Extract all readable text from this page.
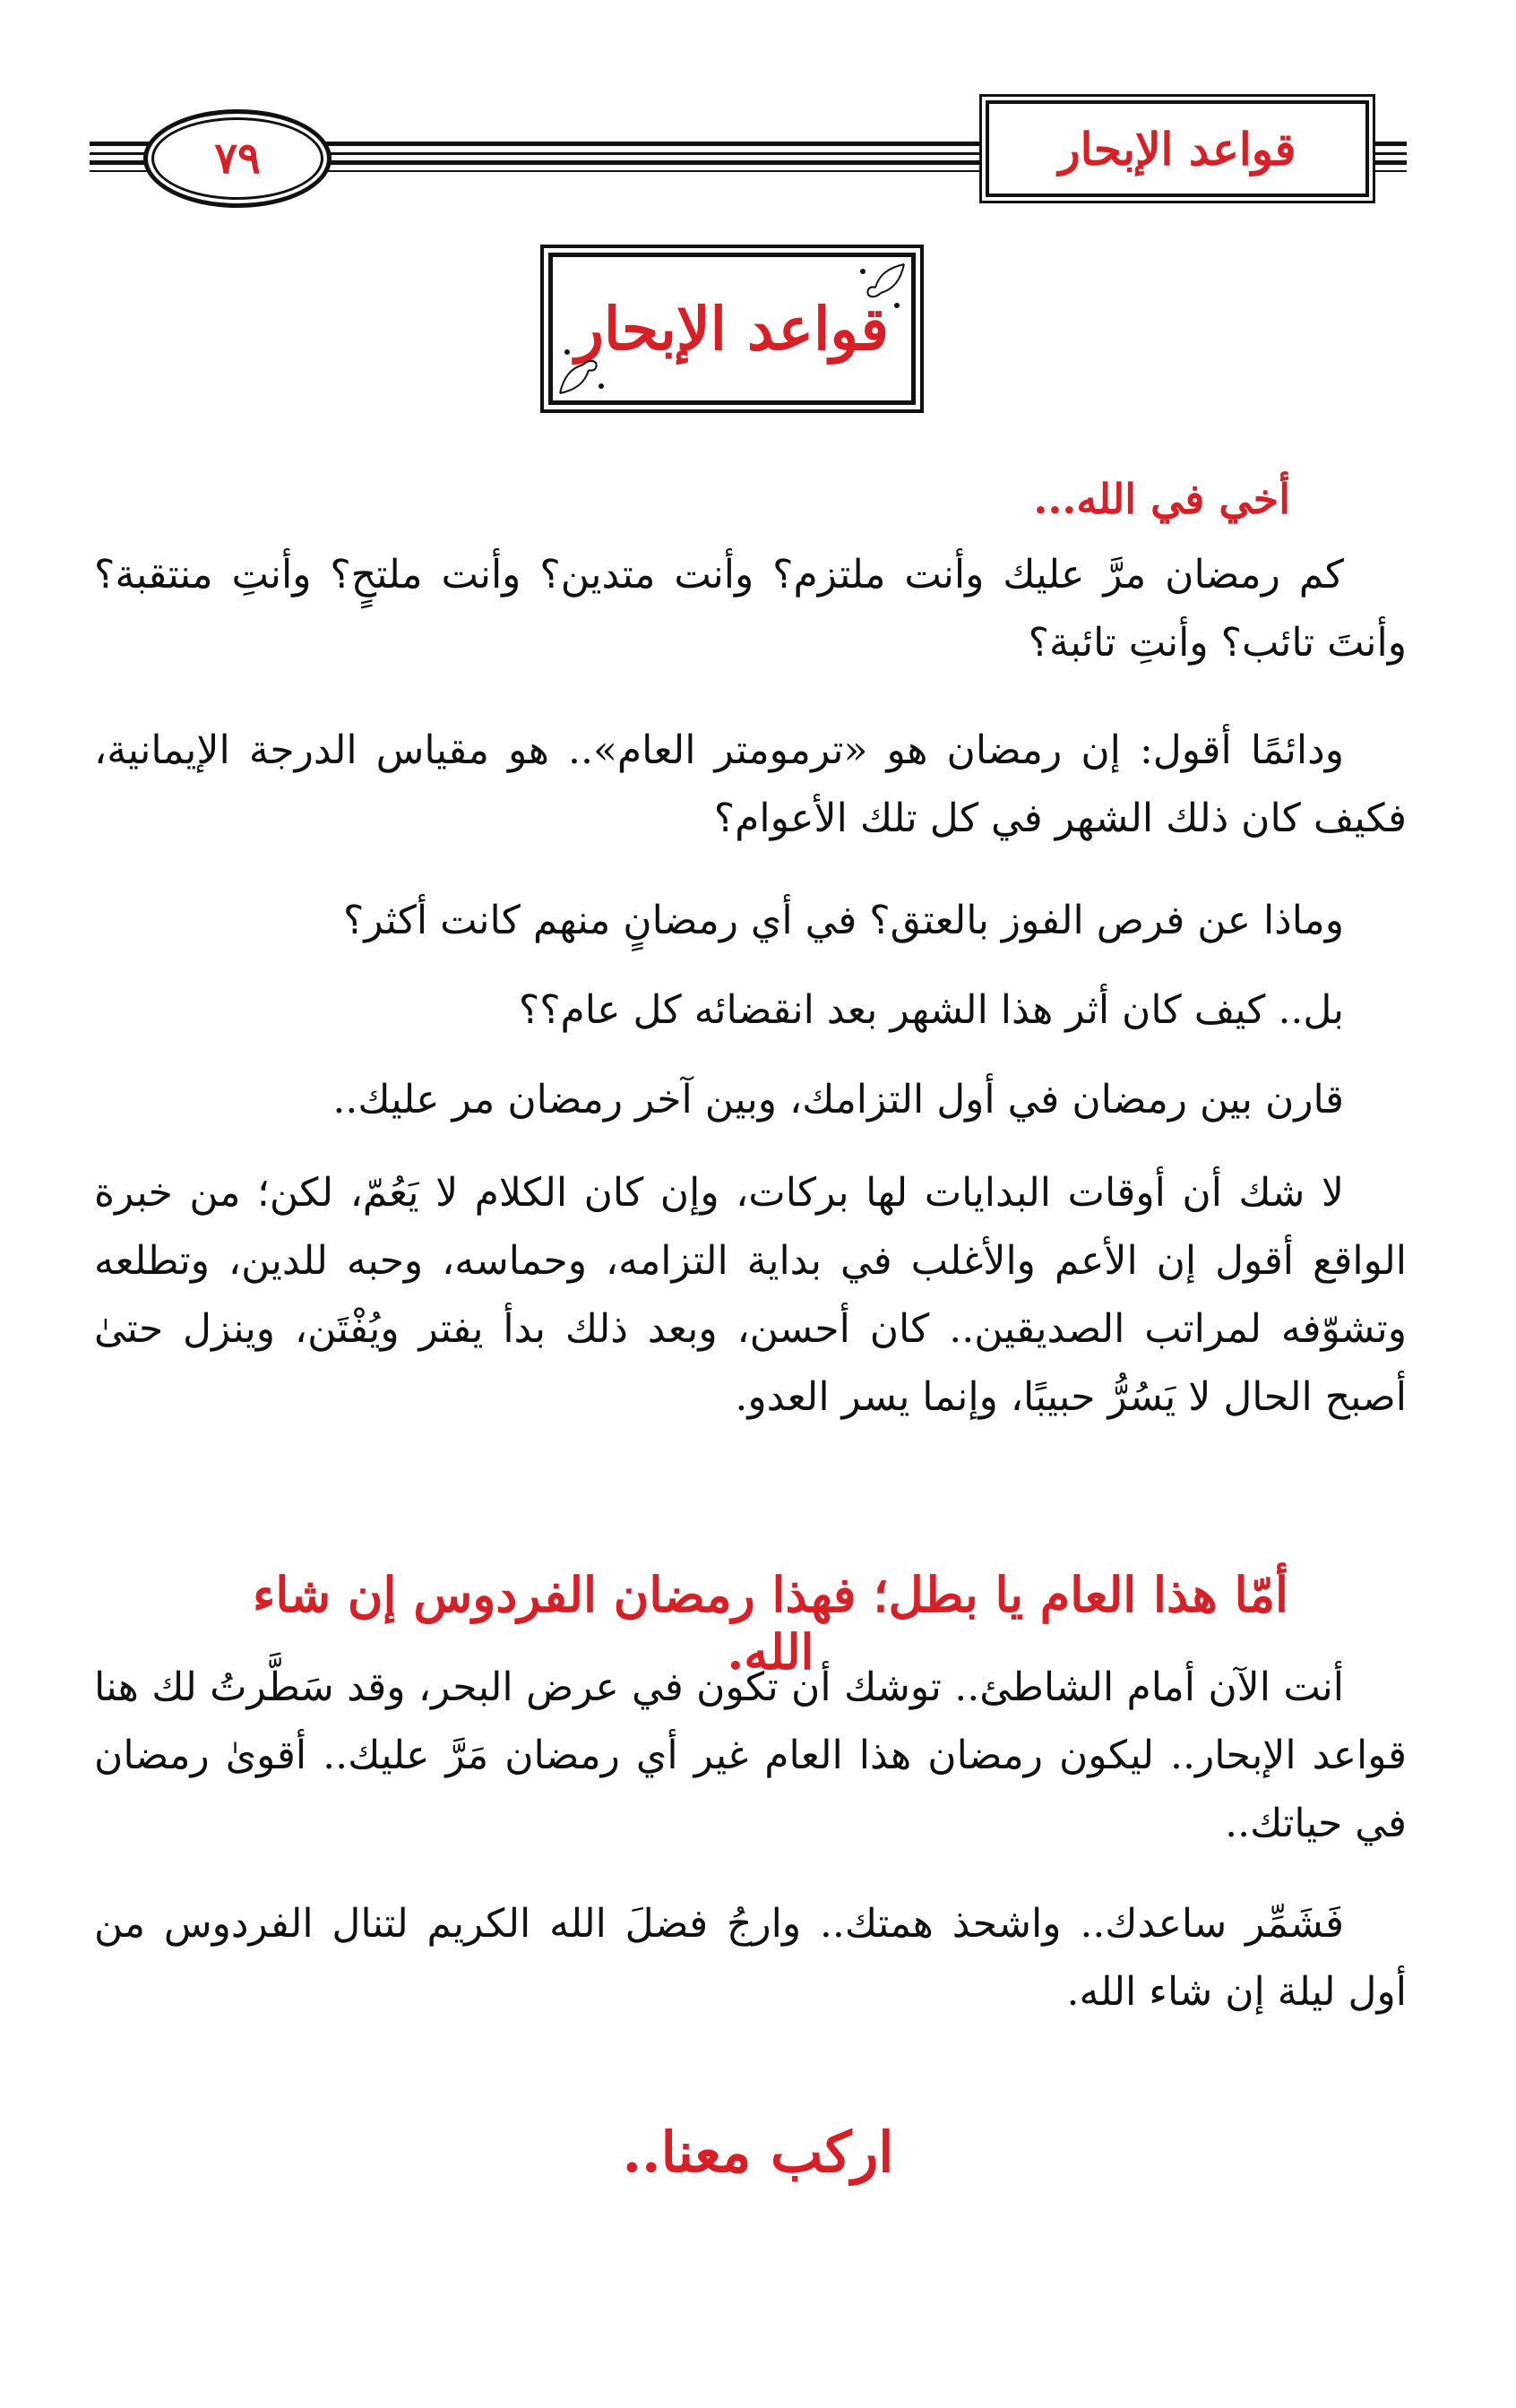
٧٩	قواعد الإبحار
قواعد الإبحار
أخي في الله...

كم رمضان مرَّ عليك وأنت ملتزم؟ وأنت متدين؟ وأنت ملتحٍ؟ وأنتِ منتقبة؟ وأنتَ تائب؟ وأنتِ تائبة؟

ودائمًا أقول: إن رمضان هو «ترمومتر العام».. هو مقياس الدرجة الإيمانية، فكيف كان ذلك الشهر في كل تلك الأعوام؟

وماذا عن فرص الفوز بالعتق؟ في أي رمضانٍ منهم كانت أكثر؟

بل.. كيف كان أثر هذا الشهر بعد انقضائه كل عام؟؟

قارن بين رمضان في أول التزامك، وبين آخر رمضان مر عليك..

لا شك أن أوقات البدايات لها بركات، وإن كان الكلام لا يَعُمّ، لكن؛ من خبرة الواقع أقول إن الأعم والأغلب في بداية التزامه، وحماسه، وحبه للدين، وتطلعه وتشوّفه لمراتب الصديقين.. كان أحسن، وبعد ذلك بدأ يفتر ويُفْتَن، وينزل حتىٰ أصبح الحال لا يَسُرُّ حبيبًا، وإنما يسر العدو.

أمّا هذا العام يا بطل؛ فهذا رمضان الفردوس إن شاء الله.

أنت الآن أمام الشاطئ.. توشك أن تكون في عرض البحر، وقد سَطَّرتُ لك هنا قواعد الإبحار.. ليكون رمضان هذا العام غير أي رمضان مَرَّ عليك.. أقوىٰ رمضان في حياتك..

فَشَمِّر ساعدك.. واشحذ همتك.. وارجُ فضلَ الله الكريم لتنال الفردوس من أول ليلة إن شاء الله.

اركب معنا..
